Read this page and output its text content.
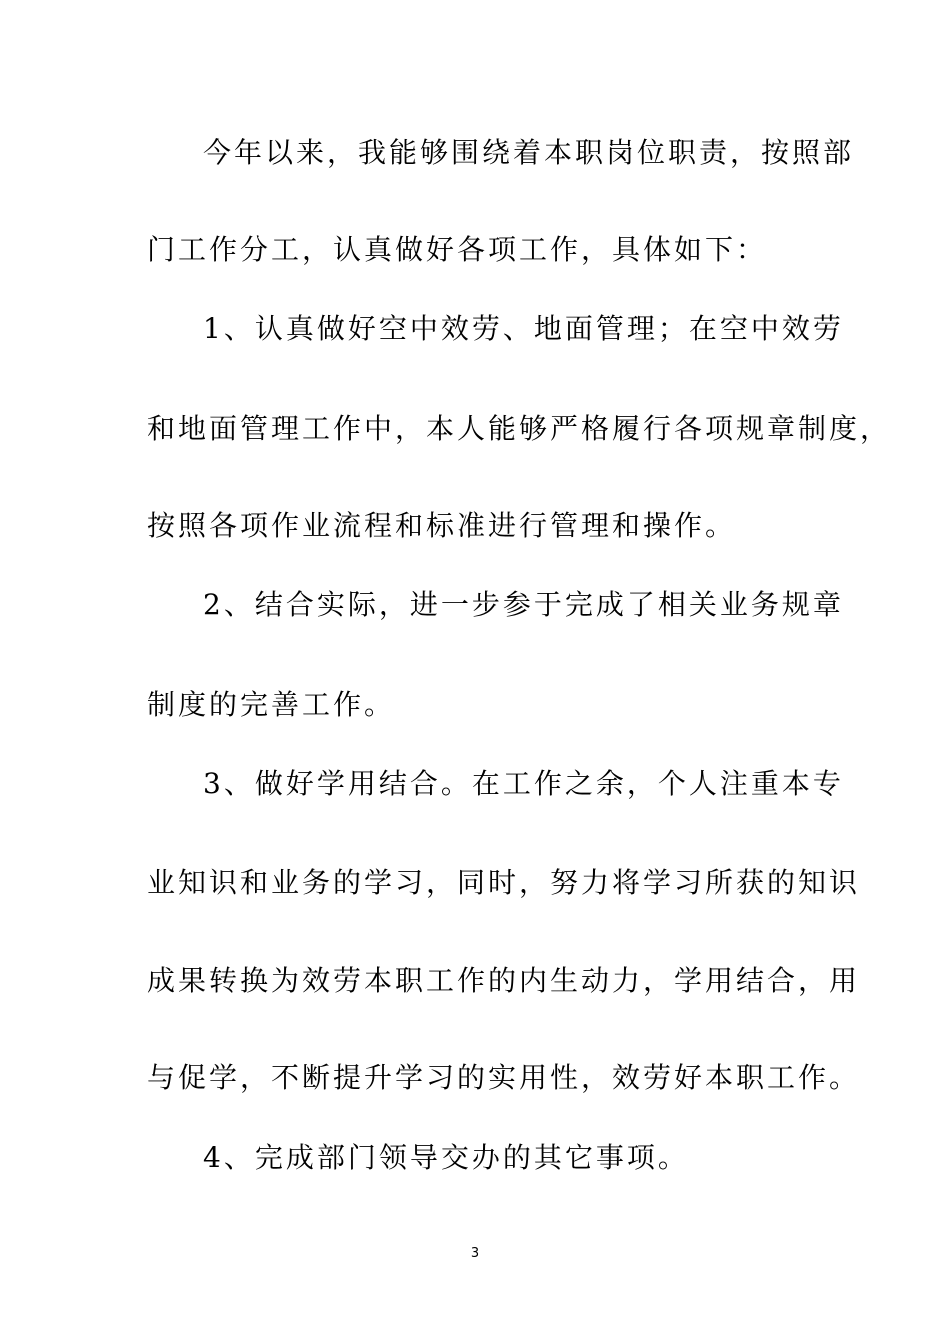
今年以来，我能够围绕着本职岗位职责，按照部
门工作分工，认真做好各项工作，具体如下：
1、认真做好空中效劳、地面管理；在空中效劳
和地面管理工作中，本人能够严格履行各项规章制度，
按照各项作业流程和标准进行管理和操作。
2、结合实际，进一步参于完成了相关业务规章
制度的完善工作。
3、做好学用结合。在工作之余，个人注重本专
业知识和业务的学习，同时，努力将学习所获的知识
成果转换为效劳本职工作的内生动力，学用结合，用
与促学，不断提升学习的实用性，效劳好本职工作。
4、完成部门领导交办的其它事项。
3
